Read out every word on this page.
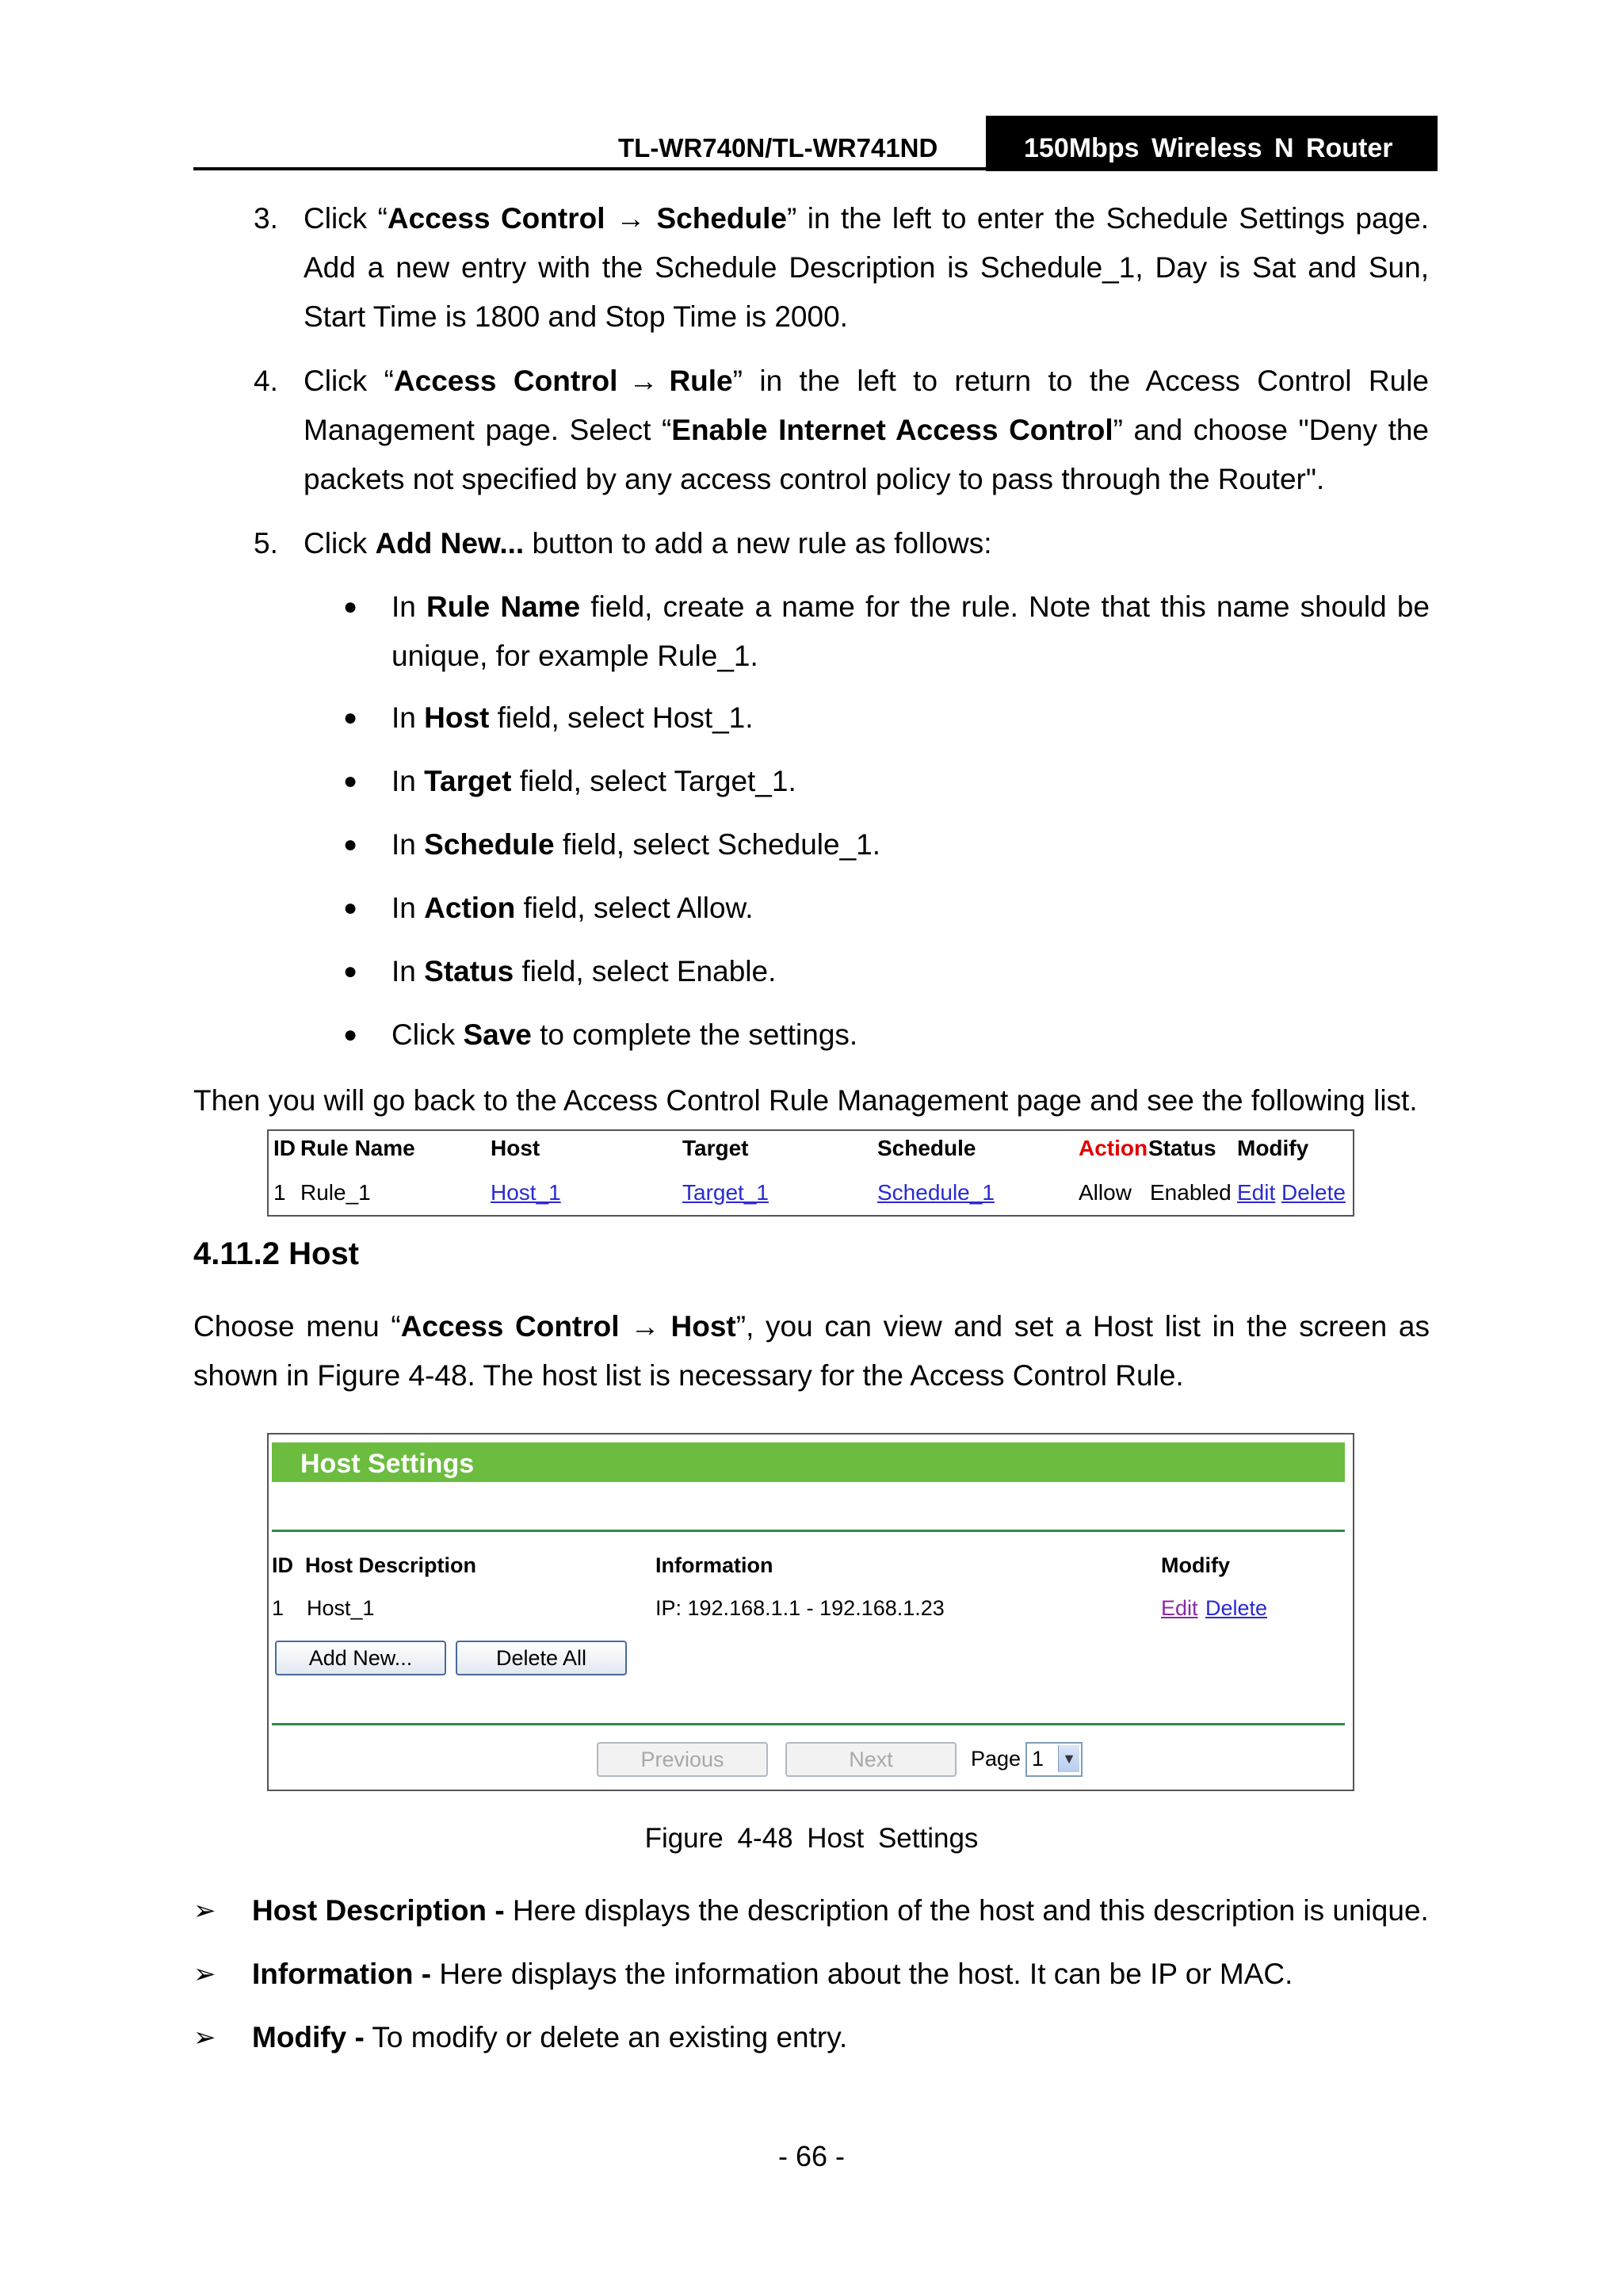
TL-WR740N/TL-WR741ND	150Mbps Wireless N Router
3. Click “Access Control → Schedule” in the left to enter the Schedule Settings page. Add a new entry with the Schedule Description is Schedule_1, Day is Sat and Sun, Start Time is 1800 and Stop Time is 2000.
4. Click “Access Control → Rule” in the left to return to the Access Control Rule Management page. Select “Enable Internet Access Control” and choose "Deny the packets not specified by any access control policy to pass through the Router".
5. Click Add New... button to add a new rule as follows:
● In Rule Name field, create a name for the rule. Note that this name should be unique, for example Rule_1.
● In Host field, select Host_1.
● In Target field, select Target_1.
● In Schedule field, select Schedule_1.
● In Action field, select Allow.
● In Status field, select Enable.
● Click Save to complete the settings.
Then you will go back to the Access Control Rule Management page and see the following list.
ID Rule Name	Host	Target	Schedule	Action Status Modify
1 Rule_1	Host_1	Target_1	Schedule_1	Allow Enabled Edit Delete
4.11.2 Host
Choose menu “Access Control → Host”, you can view and set a Host list in the screen as shown in Figure 4-48. The host list is necessary for the Access Control Rule.
Host Settings
ID Host Description	Information	Modify
1 Host_1	IP: 192.168.1.1 - 192.168.1.23	Edit Delete
Add New...	Delete All
Previous	Next	Page 1 ▼
Figure 4-48 Host Settings
➢ Host Description - Here displays the description of the host and this description is unique.
➢ Information - Here displays the information about the host. It can be IP or MAC.
➢ Modify - To modify or delete an existing entry.
- 66 -
